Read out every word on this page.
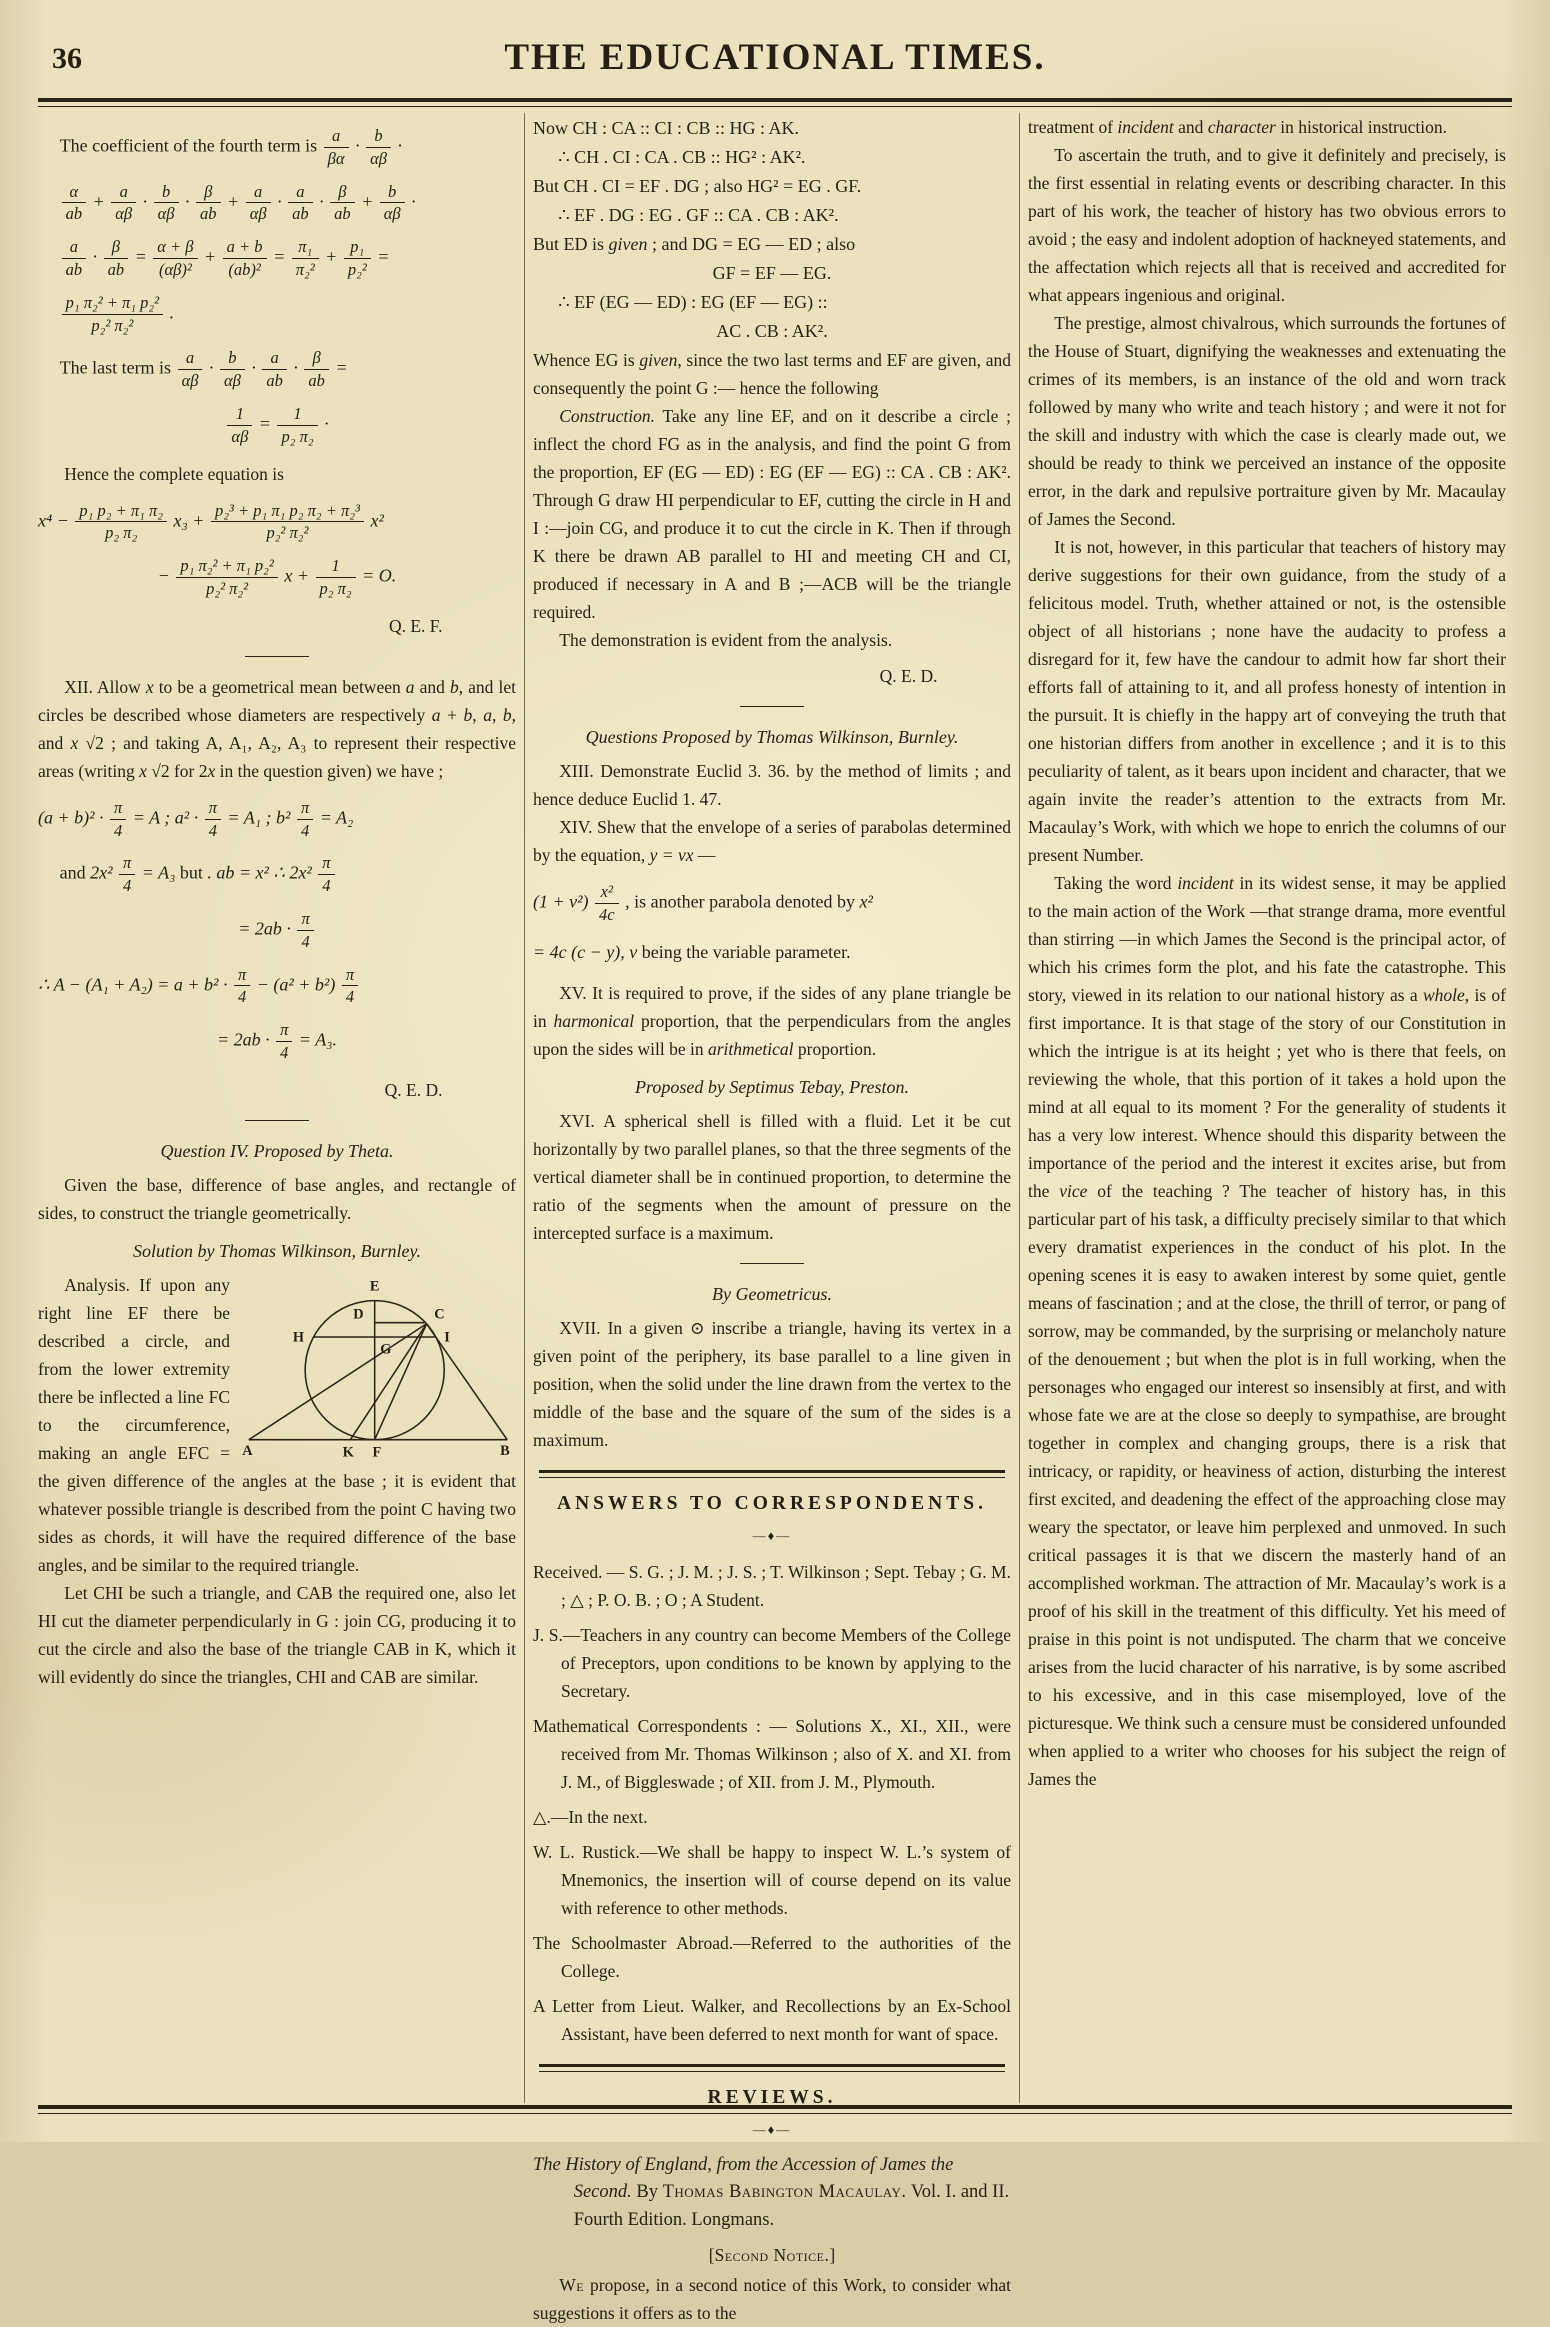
36	THE EDUCATIONAL TIMES.
The coefficient of the fourth term is $\frac{a}{\beta\alpha} \cdot \frac{b}{\alpha\beta}$ ·
$\frac{\alpha}{ab} + \frac{a}{\alpha\beta} \cdot \frac{b}{\alpha\beta} \cdot \frac{\beta}{ab} + \frac{a}{\alpha\beta} \cdot \frac{a}{ab} \cdot \frac{\beta}{ab} + \frac{b}{\alpha\beta}$ ·
$\frac{a}{ab} \cdot \frac{\beta}{ab} = \frac{\alpha + \beta}{\text{(αβ)²}} + \frac{a + b}{\text{(ab)²}} = \frac{\text{π₁}}{\text{π₂²}} + \frac{\text{p₁}}{\text{p₂²}}$ =
$\frac{\text{p₁ π₂² + π₁ p₂²}}{\text{p₂² π₂²}}$ .
The last term is $\frac{a}{\alpha\beta} \cdot \frac{b}{\alpha\beta} \cdot \frac{a}{ab} \cdot \frac{\beta}{ab}$ =
$\frac{1}{\alpha\beta} = \frac{1}{\text{p₂ π₂}}$ ·

Hence the complete equation is

$x^4 - \frac{\text{p₁ p₂ + π₁ π₂}}{\text{p₂ π₂}} x_3 + \frac{\text{p₂³ + p₁ π₁ p₂ π₂ + π₂³}}{\text{p₂² π₂²}} x^2$
− $\frac{\text{p₁ π₂² + π₁ p₂²}}{\text{p₂² π₂²}}$ $x + \frac{1}{\text{p₂ π₂}} = O$.
Q. E. F.

XII. Allow x to be a geometrical mean between a and b, and let circles be described whose diameters are respectively a + b, a, b, and x √2 ; and taking A, A₁, A₂, A₃ to represent their respective areas (writing x √2 for 2x in the question given) we have ;

$(a + b)^2 \cdot \frac{\pi}{4} = A$ ; $a^2 \cdot \frac{\pi}{4} = A_1$ ; $b^2 \frac{\pi}{4} = A_2$
and $2x^2 \frac{\pi}{4} = A_3$ but . ab = x² ∴ $2x^2 \frac{\pi}{4}$
= $2ab \cdot \frac{\pi}{4}$
∴ $A - (A_1 + A_2) = a + b^2 \cdot \frac{\pi}{4} - (a^2 + b^2) \frac{\pi}{4}$
= $2ab \cdot \frac{\pi}{4} = A_3$.
Q. E. D.
Question IV. Proposed by Theta.

Given the base, difference of base angles, and rectangle of sides, to construct the triangle geometrically.

Solution by Thomas Wilkinson, Burnley.

E
D	C
H
G
I
A	K F	B
Analysis. If upon any right line EF there be described a circle, and from the lower extremity there be inflected a line FC to the circumference, making an angle EFC = the given difference of the angles at the base ; it is evident that whatever possible triangle is described from the point C having two sides as chords, it will have the required difference of the base angles, and be similar to the required triangle.

Let CHI be such a triangle, and CAB the required one, also let HI cut the diameter perpendicularly in G : join CG, producing it to cut the circle and also the base of the triangle CAB in K, which it will evidently do since the triangles, CHI and CAB are similar.

Now CH : CA :: CI : CB :: HG : AK.
∴ CH . CI : CA . CB :: HG² : AK².
But CH . CI = EF . DG ; also HG² = EG . GF.
∴ EF . DG : EG . GF :: CA . CB : AK².
But ED is given ; and DG = EG — ED ; also
GF = EF — EG.
∴ EF (EG — ED) : EG (EF — EG) ::
AC . CB : AK².

Whence EG is given, since the two last terms and EF are given, and consequently the point G :— hence the following

Construction. Take any line EF, and on it describe a circle ; inflect the chord FG as in the analysis, and find the point G from the proportion, EF (EG — ED) : EG (EF — EG) :: CA . CB : AK². Through G draw HI perpendicular to EF, cutting the circle in H and I :—join CG, and produce it to cut the circle in K. Then if through K there be drawn AB parallel to HI and meeting CH and CI, produced if necessary in A and B ;—ACB will be the triangle required.

The demonstration is evident from the analysis.

Q. E. D.
Questions Proposed by Thomas Wilkinson, Burnley.

XIII. Demonstrate Euclid 3. 36. by the method of limits ; and hence deduce Euclid 1. 47.

XIV. Shew that the envelope of a series of parabolas determined by the equation, y = vx —

$(1 + v^2) \frac{\text{x²}}{4c}$ , is another parabola denoted by x²
= 4c (c − y), v being the variable parameter.

XV. It is required to prove, if the sides of any plane triangle be in harmonical proportion, that the perpendiculars from the angles upon the sides will be in arithmetical proportion.

Proposed by Septimus Tebay, Preston.

XVI. A spherical shell is filled with a fluid. Let it be cut horizontally by two parallel planes, so that the three segments of the vertical diameter shall be in continued proportion, to determine the ratio of the segments when the amount of pressure on the intercepted surface is a maximum.

By Geometricus.

XVII. In a given ⊙ inscribe a triangle, having its vertex in a given point of the periphery, its base parallel to a line given in position, when the solid under the line drawn from the vertex to the middle of the base and the square of the sum of the sides is a maximum.

ANSWERS TO CORRESPONDENTS.
—♦—
Received. — S. G. ; J. M. ; J. S. ; T. Wilkinson ; Sept. Tebay ; G. M. ; △ ; P. O. B. ; O ; A Student.
J. S.—Teachers in any country can become Members of the College of Preceptors, upon conditions to be known by applying to the Secretary.
Mathematical Correspondents : — Solutions X., XI., XII., were received from Mr. Thomas Wilkinson ; also of X. and XI. from J. M., of Biggleswade ; of XII. from J. M., Plymouth.
△.—In the next.
W. L. Rustick.—We shall be happy to inspect W. L.’s system of Mnemonics, the insertion will of course depend on its value with reference to other methods.
The Schoolmaster Abroad.—Referred to the authorities of the College.
A Letter from Lieut. Walker, and Recollections by an Ex-School Assistant, have been deferred to next month for want of space.
REVIEWS.
—♦—
The History of England, from the Accession of James the Second. By Thomas Babington Macaulay. Vol. I. and II. Fourth Edition. Longmans.
[Second Notice.]

We propose, in a second notice of this Work, to consider what suggestions it offers as to the

treatment of incident and character in historical instruction.

To ascertain the truth, and to give it definitely and precisely, is the first essential in relating events or describing character. In this part of his work, the teacher of history has two obvious errors to avoid ; the easy and indolent adoption of hackneyed statements, and the affectation which rejects all that is received and accredited for what appears ingenious and original.

The prestige, almost chivalrous, which surrounds the fortunes of the House of Stuart, dignifying the weaknesses and extenuating the crimes of its members, is an instance of the old and worn track followed by many who write and teach history ; and were it not for the skill and industry with which the case is clearly made out, we should be ready to think we perceived an instance of the opposite error, in the dark and repulsive portraiture given by Mr. Macaulay of James the Second.

It is not, however, in this particular that teachers of history may derive suggestions for their own guidance, from the study of a felicitous model. Truth, whether attained or not, is the ostensible object of all historians ; none have the audacity to profess a disregard for it, few have the candour to admit how far short their efforts fall of attaining to it, and all profess honesty of intention in the pursuit. It is chiefly in the happy art of conveying the truth that one historian differs from another in excellence ; and it is to this peculiarity of talent, as it bears upon incident and character, that we again invite the reader’s attention to the extracts from Mr. Macaulay’s Work, with which we hope to enrich the columns of our present Number.

Taking the word incident in its widest sense, it may be applied to the main action of the Work —that strange drama, more eventful than stirring —in which James the Second is the principal actor, of which his crimes form the plot, and his fate the catastrophe. This story, viewed in its relation to our national history as a whole, is of first importance. It is that stage of the story of our Constitution in which the intrigue is at its height ; yet who is there that feels, on reviewing the whole, that this portion of it takes a hold upon the mind at all equal to its moment ? For the generality of students it has a very low interest. Whence should this disparity between the importance of the period and the interest it excites arise, but from the vice of the teaching ? The teacher of history has, in this particular part of his task, a difficulty precisely similar to that which every dramatist experiences in the conduct of his plot. In the opening scenes it is easy to awaken interest by some quiet, gentle means of fascination ; and at the close, the thrill of terror, or pang of sorrow, may be commanded, by the surprising or melancholy nature of the denouement ; but when the plot is in full working, when the personages who engaged our interest so insensibly at first, and with whose fate we are at the close so deeply to sympathise, are brought together in complex and changing groups, there is a risk that intricacy, or rapidity, or heaviness of action, disturbing the interest first excited, and deadening the effect of the approaching close may weary the spectator, or leave him perplexed and unmoved. In such critical passages it is that we discern the masterly hand of an accomplished workman. The attraction of Mr. Macaulay’s work is a proof of his skill in the treatment of this difficulty. Yet his meed of praise in this point is not undisputed. The charm that we conceive arises from the lucid character of his narrative, is by some ascribed to his excessive, and in this case misemployed, love of the picturesque. We think such a censure must be considered unfounded when applied to a writer who chooses for his subject the reign of James the
